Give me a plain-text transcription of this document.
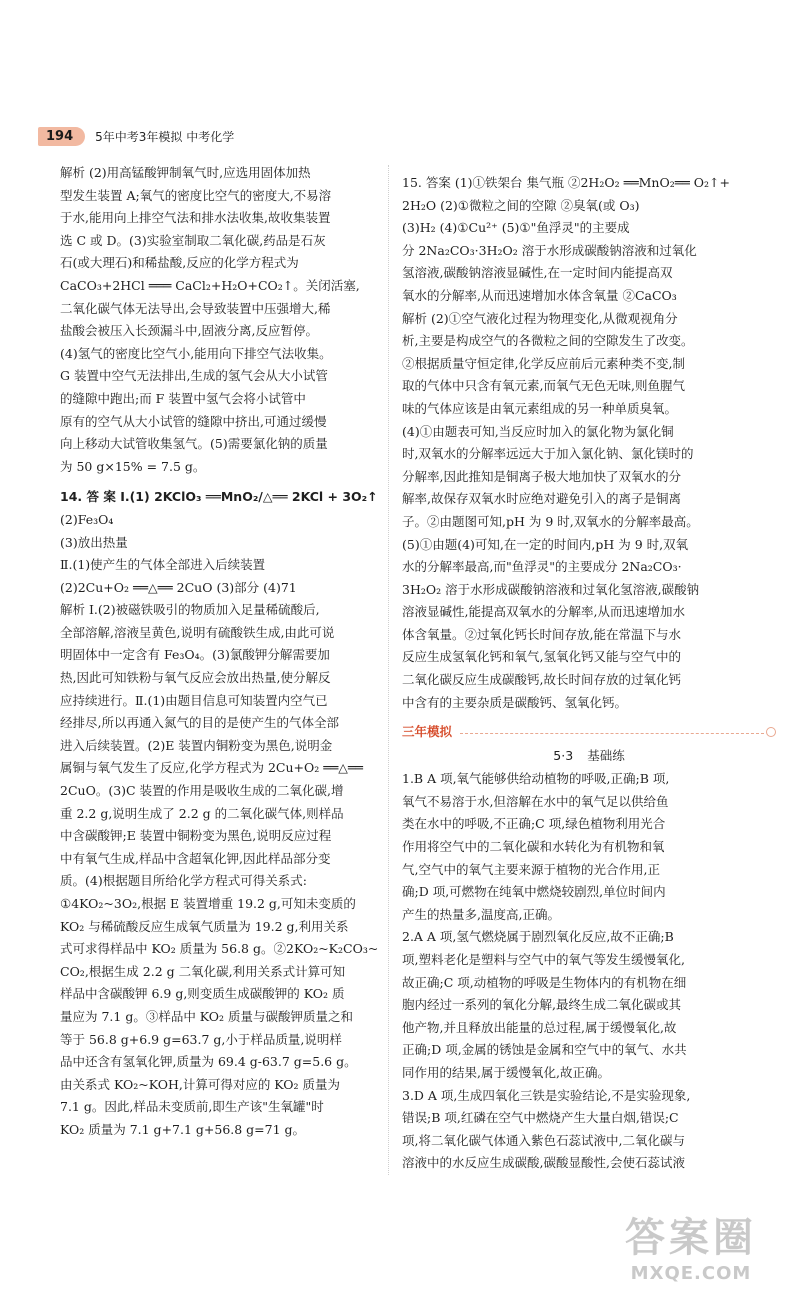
194	5年中考3年模拟 中考化学
解析 (2)用高锰酸钾制氧气时,应选用固体加热
型发生装置 A;氧气的密度比空气的密度大,不易溶
于水,能用向上排空气法和排水法收集,故收集装置
选 C 或 D。(3)实验室制取二氧化碳,药品是石灰
石(或大理石)和稀盐酸,反应的化学方程式为
CaCO₃+2HCl ═══ CaCl₂+H₂O+CO₂↑。关闭活塞,
二氧化碳气体无法导出,会导致装置中压强增大,稀
盐酸会被压入长颈漏斗中,固液分离,反应暂停。
(4)氢气的密度比空气小,能用向下排空气法收集。
G 装置中空气无法排出,生成的氢气会从大小试管
的缝隙中跑出;而 F 装置中氢气会将小试管中
原有的空气从大小试管的缝隙中挤出,可通过缓慢
向上移动大试管收集氢气。(5)需要氯化钠的质量
为 50 g×15% = 7.5 g。
14. 答 案 Ⅰ.(1) 2KClO₃ ══MnO₂/△══ 2KCl + 3O₂↑
(2)Fe₃O₄
(3)放出热量
Ⅱ.(1)使产生的气体全部进入后续装置
(2)2Cu+O₂ ══△══ 2CuO (3)部分 (4)71
解析 Ⅰ.(2)被磁铁吸引的物质加入足量稀硫酸后,
全部溶解,溶液呈黄色,说明有硫酸铁生成,由此可说
明固体中一定含有 Fe₃O₄。(3)氯酸钾分解需要加
热,因此可知铁粉与氧气反应会放出热量,使分解反
应持续进行。Ⅱ.(1)由题目信息可知装置内空气已
经排尽,所以再通入氮气的目的是使产生的气体全部
进入后续装置。(2)E 装置内铜粉变为黑色,说明金
属铜与氧气发生了反应,化学方程式为 2Cu+O₂ ══△══
2CuO。(3)C 装置的作用是吸收生成的二氧化碳,增
重 2.2 g,说明生成了 2.2 g 的二氧化碳气体,则样品
中含碳酸钾;E 装置中铜粉变为黑色,说明反应过程
中有氧气生成,样品中含超氧化钾,因此样品部分变
质。(4)根据题目所给化学方程式可得关系式:
①4KO₂~3O₂,根据 E 装置增重 19.2 g,可知未变质的
KO₂ 与稀硫酸反应生成氧气质量为 19.2 g,利用关系
式可求得样品中 KO₂ 质量为 56.8 g。②2KO₂~K₂CO₃~
CO₂,根据生成 2.2 g 二氧化碳,利用关系式计算可知
样品中含碳酸钾 6.9 g,则变质生成碳酸钾的 KO₂ 质
量应为 7.1 g。③样品中 KO₂ 质量与碳酸钾质量之和
等于 56.8 g+6.9 g=63.7 g,小于样品质量,说明样
品中还含有氢氧化钾,质量为 69.4 g-63.7 g=5.6 g。
由关系式 KO₂~KOH,计算可得对应的 KO₂ 质量为
7.1 g。因此,样品未变质前,即生产该"生氧罐"时
KO₂ 质量为 7.1 g+7.1 g+56.8 g=71 g。
15. 答案 (1)①铁架台 集气瓶 ②2H₂O₂ ══MnO₂══ O₂↑+
2H₂O (2)①微粒之间的空隙 ②臭氧(或 O₃)
(3)H₂ (4)①Cu²⁺ (5)①"鱼浮灵"的主要成
分 2Na₂CO₃·3H₂O₂ 溶于水形成碳酸钠溶液和过氧化
氢溶液,碳酸钠溶液显碱性,在一定时间内能提高双
氧水的分解率,从而迅速增加水体含氧量 ②CaCO₃
解析 (2)①空气液化过程为物理变化,从微观视角分
析,主要是构成空气的各微粒之间的空隙发生了改变。
②根据质量守恒定律,化学反应前后元素种类不变,制
取的气体中只含有氧元素,而氧气无色无味,则鱼腥气
味的气体应该是由氧元素组成的另一种单质臭氧。
(4)①由题表可知,当反应时加入的氯化物为氯化铜
时,双氧水的分解率远远大于加入氯化钠、氯化镁时的
分解率,因此推知是铜离子极大地加快了双氧水的分
解率,故保存双氧水时应绝对避免引入的离子是铜离
子。②由题图可知,pH 为 9 时,双氧水的分解率最高。
(5)①由题(4)可知,在一定的时间内,pH 为 9 时,双氧
水的分解率最高,而"鱼浮灵"的主要成分 2Na₂CO₃·
3H₂O₂ 溶于水形成碳酸钠溶液和过氧化氢溶液,碳酸钠
溶液显碱性,能提高双氧水的分解率,从而迅速增加水
体含氧量。②过氧化钙长时间存放,能在常温下与水
反应生成氢氧化钙和氧气,氢氧化钙又能与空气中的
二氧化碳反应生成碳酸钙,故长时间存放的过氧化钙
中含有的主要杂质是碳酸钙、氢氧化钙。
三年模拟
5·3 基础练
1.B A 项,氧气能够供给动植物的呼吸,正确;B 项,
氧气不易溶于水,但溶解在水中的氧气足以供给鱼
类在水中的呼吸,不正确;C 项,绿色植物利用光合
作用将空气中的二氧化碳和水转化为有机物和氧
气,空气中的氧气主要来源于植物的光合作用,正
确;D 项,可燃物在纯氧中燃烧较剧烈,单位时间内
产生的热量多,温度高,正确。
2.A A 项,氢气燃烧属于剧烈氧化反应,故不正确;B
项,塑料老化是塑料与空气中的氧气等发生缓慢氧化,
故正确;C 项,动植物的呼吸是生物体内的有机物在细
胞内经过一系列的氧化分解,最终生成二氧化碳或其
他产物,并且释放出能量的总过程,属于缓慢氧化,故
正确;D 项,金属的锈蚀是金属和空气中的氧气、水共
同作用的结果,属于缓慢氧化,故正确。
3.D A 项,生成四氧化三铁是实验结论,不是实验现象,
错误;B 项,红磷在空气中燃烧产生大量白烟,错误;C
项,将二氧化碳气体通入紫色石蕊试液中,二氧化碳与
溶液中的水反应生成碳酸,碳酸显酸性,会使石蕊试液
答案圈
MXQE.COM
